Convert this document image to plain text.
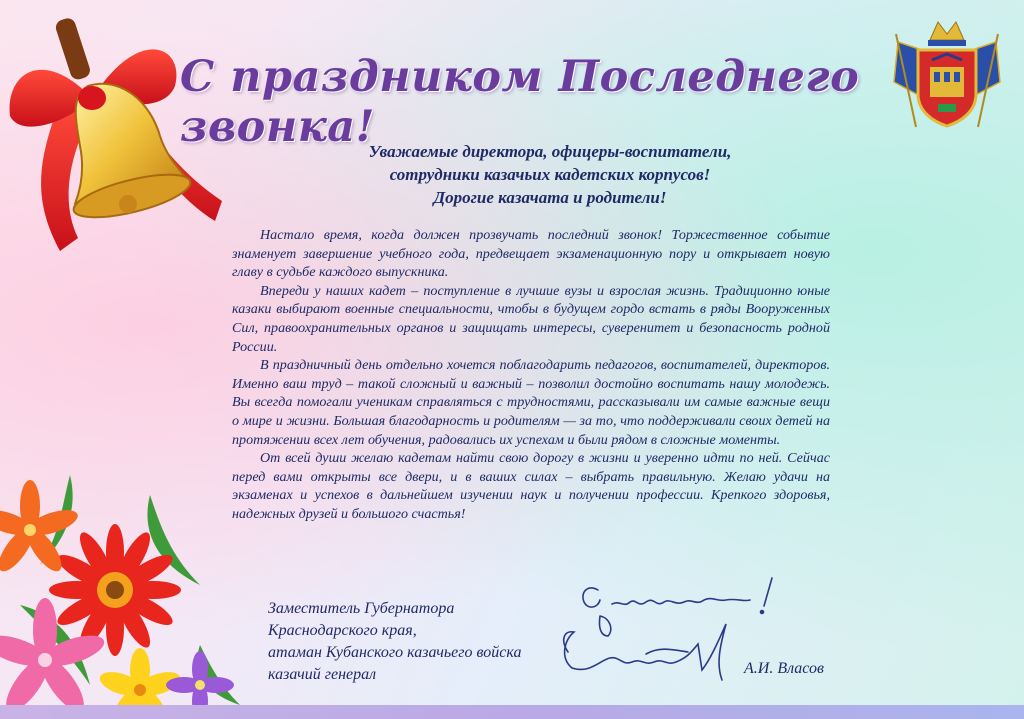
С праздником Последнего звонка!
Уважаемые директора, офицеры-воспитатели,
сотрудники казачьих кадетских корпусов!
Дорогие казачата и родители!

Настало время, когда должен прозвучать последний звонок! Торжественное событие знаменует завершение учебного года, предвещает экзаменационную пору и открывает новую главу в судьбе каждого выпускника.

Впереди у наших кадет – поступление в лучшие вузы и взрослая жизнь. Традиционно юные казаки выбирают военные специальности, чтобы в будущем гордо встать в ряды Вооруженных Сил, правоохранительных органов и защищать интересы, суверенитет и безопасность родной России.

В праздничный день отдельно хочется поблагодарить педагогов, воспитателей, директоров. Именно ваш труд – такой сложный и важный – позволил достойно воспитать нашу молодежь. Вы всегда помогали ученикам справляться с трудностями, рассказывали им самые важные вещи о мире и жизни. Большая благодарность и родителям — за то, что поддерживали своих детей на протяжении всех лет обучения, радовались их успехам и были рядом в сложные моменты.

От всей души желаю кадетам найти свою дорогу в жизни и уверенно идти по ней. Сейчас перед вами открыты все двери, и в ваших силах – выбрать правильную. Желаю удачи на экзаменах и успехов в дальнейшем изучении наук и получении профессии. Крепкого здоровья, надежных друзей и большого счастья!

Заместитель Губернатора
Краснодарского края,
атаман Кубанского казачьего войска
казачий генерал	А.И. Власов
